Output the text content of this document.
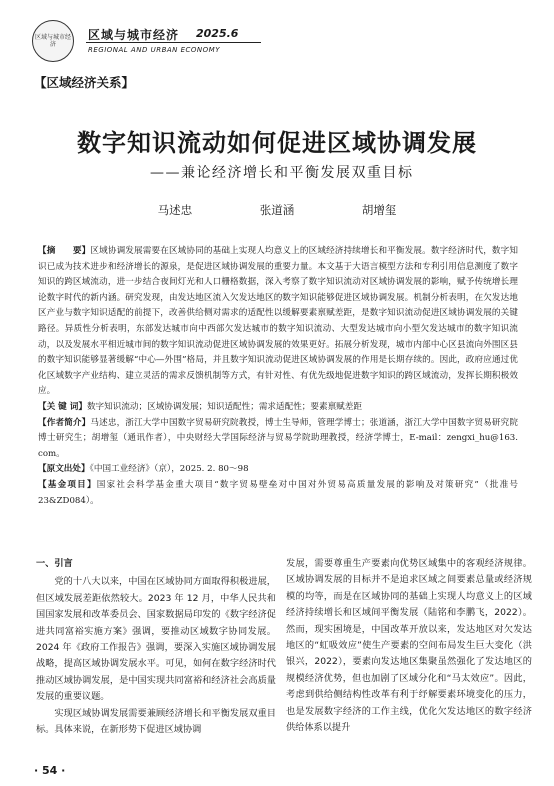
区域与城市经济
区域与城市经济 2025.6
REGIONAL AND URBAN ECONOMY
【区域经济关系】
数字知识流动如何促进区域协调发展
——兼论经济增长和平衡发展双重目标
马述忠	张道涵	胡增玺

【摘　　要】区域协调发展需要在区域协同的基础上实现人均意义上的区域经济持续增长和平衡发展。数字经济时代，数字知识已成为技术进步和经济增长的源泉，是促进区域协调发展的重要力量。本文基于大语言模型方法和专利引用信息测度了数字知识的跨区域流动，进一步结合夜间灯光和人口栅格数据，深入考察了数字知识流动对区域协调发展的影响，赋予传统增长理论数字时代的新内涵。研究发现，由发达地区流入欠发达地区的数字知识能够促进区域协调发展。机制分析表明，在欠发达地区产业与数字知识适配的前提下，改善供给侧对需求的适配性以缓解要素禀赋差距，是数字知识流动促进区域协调发展的关键路径。异质性分析表明，东部发达城市向中西部欠发达城市的数字知识流动、大型发达城市向小型欠发达城市的数字知识流动，以及发展水平相近城市间的数字知识流动促进区域协调发展的效果更好。拓展分析发现，城市内部中心区县流向外围区县的数字知识能够显著缓解“中心—外围”格局，并且数字知识流动促进区域协调发展的作用是长期存续的。因此，政府应通过优化区域数字产业结构、建立灵活的需求反馈机制等方式，有针对性、有优先级地促进数字知识的跨区域流动，发挥长期积极效应。

【关 键 词】数字知识流动；区域协调发展；知识适配性；需求适配性；要素禀赋差距

【作者简介】马述忠，浙江大学中国数字贸易研究院教授，博士生导师，管理学博士；张道涵，浙江大学中国数字贸易研究院博士研究生；胡增玺（通讯作者），中央财经大学国际经济与贸易学院助理教授，经济学博士，E-mail：zengxi_hu@163. com。

【原文出处】《中国工业经济》（京），2025. 2. 80～98

【基金项目】国家社会科学基金重大项目“数字贸易壁垒对中国对外贸易高质量发展的影响及对策研究”（批准号23&ZD084）。

一、引言

党的十八大以来，中国在区域协同方面取得积极进展，但区域发展差距依然较大。2023 年 12 月，中华人民共和国国家发展和改革委员会、国家数据局印发的《数字经济促进共同富裕实施方案》强调，要推动区域数字协同发展。2024 年《政府工作报告》强调，要深入实施区域协调发展战略，提高区域协调发展水平。可见，如何在数字经济时代推动区域协调发展，是中国实现共同富裕和经济社会高质量发展的重要议题。

实现区域协调发展需要兼顾经济增长和平衡发展双重目标。具体来说，在新形势下促进区域协调

发展，需要尊重生产要素向优势区域集中的客观经济规律。区域协调发展的目标并不是追求区域之间要素总量或经济规模的均等，而是在区域协同的基础上实现人均意义上的区域经济持续增长和区域间平衡发展（陆铭和李鹏飞，2022）。然而，现实困境是，中国改革开放以来，发达地区对欠发达地区的“虹吸效应”使生产要素的空间布局发生巨大变化（洪银兴，2022），要素向发达地区集聚虽然强化了发达地区的规模经济优势，但也加剧了区域分化和“马太效应”。因此，考虑到供给侧结构性改革有利于纾解要素环境变化的压力，也是发展数字经济的工作主线，优化欠发达地区的数字经济供给体系以提升

· 54 ·
